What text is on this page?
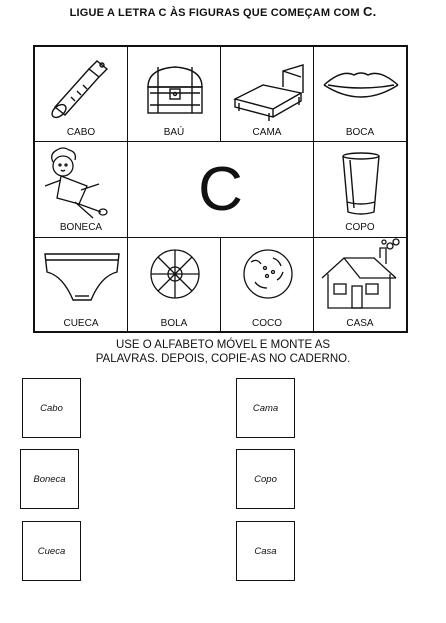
LIGUE A LETRA C ÀS FIGURAS QUE COMEÇAM COM C.
CABO	BAÚ	CAMA	BOCA
BONECA
C
COPO
CUECA	BOLA	COCO	CASA
USE O ALFABETO MÓVEL E MONTE AS
PALAVRAS. DEPOIS, COPIE-AS NO CADERNO.
Cabo	Cama
Boneca	Copo
Cueca	Casa
